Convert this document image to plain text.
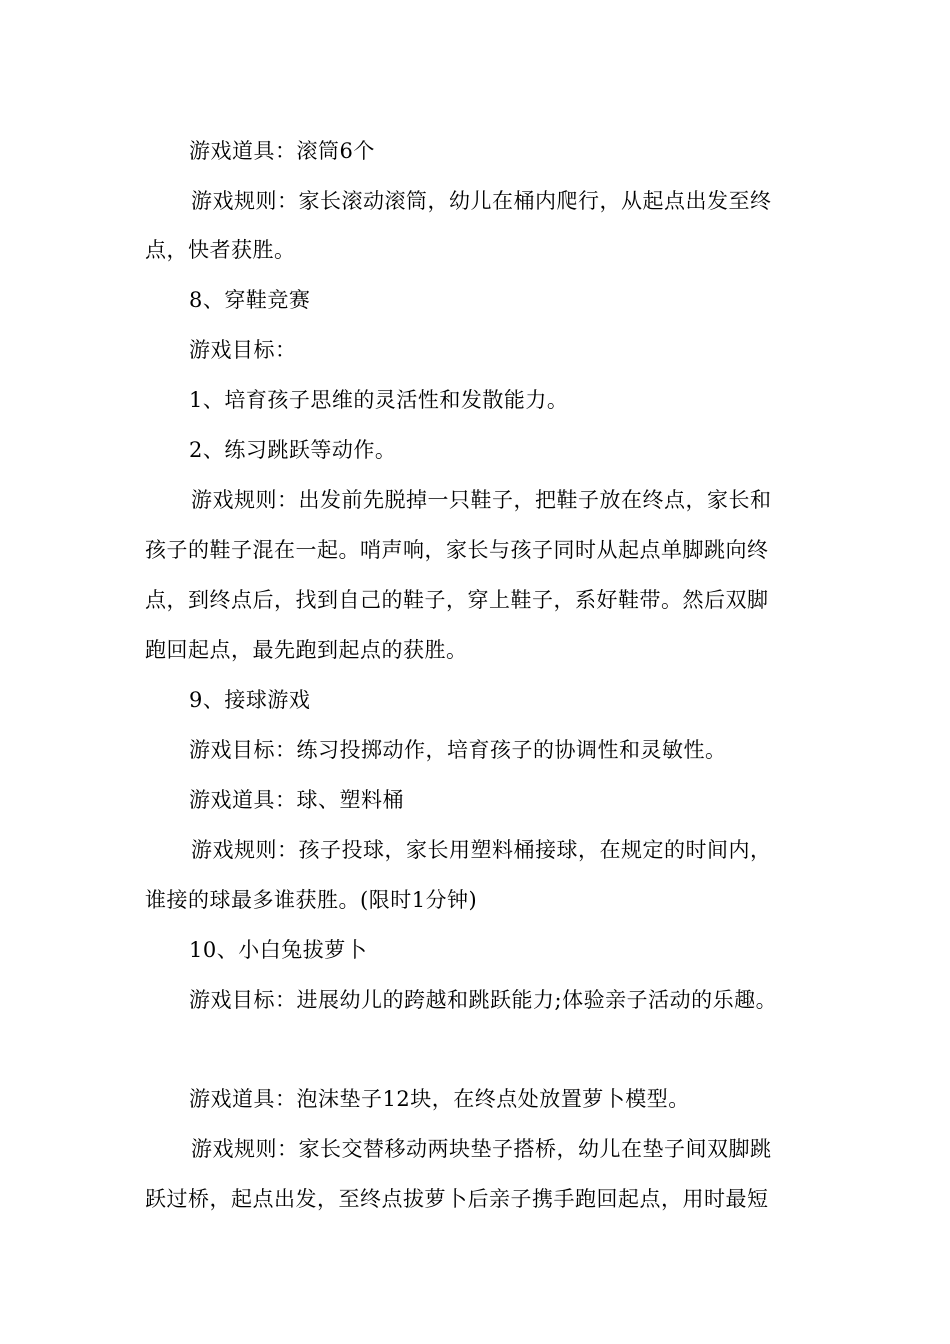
游戏道具：滚筒6个
游戏规则：家长滚动滚筒，幼儿在桶内爬行，从起点出发至终
点，快者获胜。
8、穿鞋竞赛
游戏目标：
1、培育孩子思维的灵活性和发散能力。
2、练习跳跃等动作。
游戏规则：出发前先脱掉一只鞋子，把鞋子放在终点，家长和
孩子的鞋子混在一起。哨声响，家长与孩子同时从起点单脚跳向终
点，到终点后，找到自己的鞋子，穿上鞋子，系好鞋带。然后双脚
跑回起点，最先跑到起点的获胜。
9、接球游戏
游戏目标：练习投掷动作，培育孩子的协调性和灵敏性。
游戏道具：球、塑料桶
游戏规则：孩子投球，家长用塑料桶接球，在规定的时间内，
谁接的球最多谁获胜。(限时1分钟)
10、小白兔拔萝卜
游戏目标：进展幼儿的跨越和跳跃能力;体验亲子活动的乐趣。
游戏道具：泡沫垫子12块，在终点处放置萝卜模型。
游戏规则：家长交替移动两块垫子搭桥，幼儿在垫子间双脚跳
跃过桥，起点出发，至终点拔萝卜后亲子携手跑回起点，用时最短
